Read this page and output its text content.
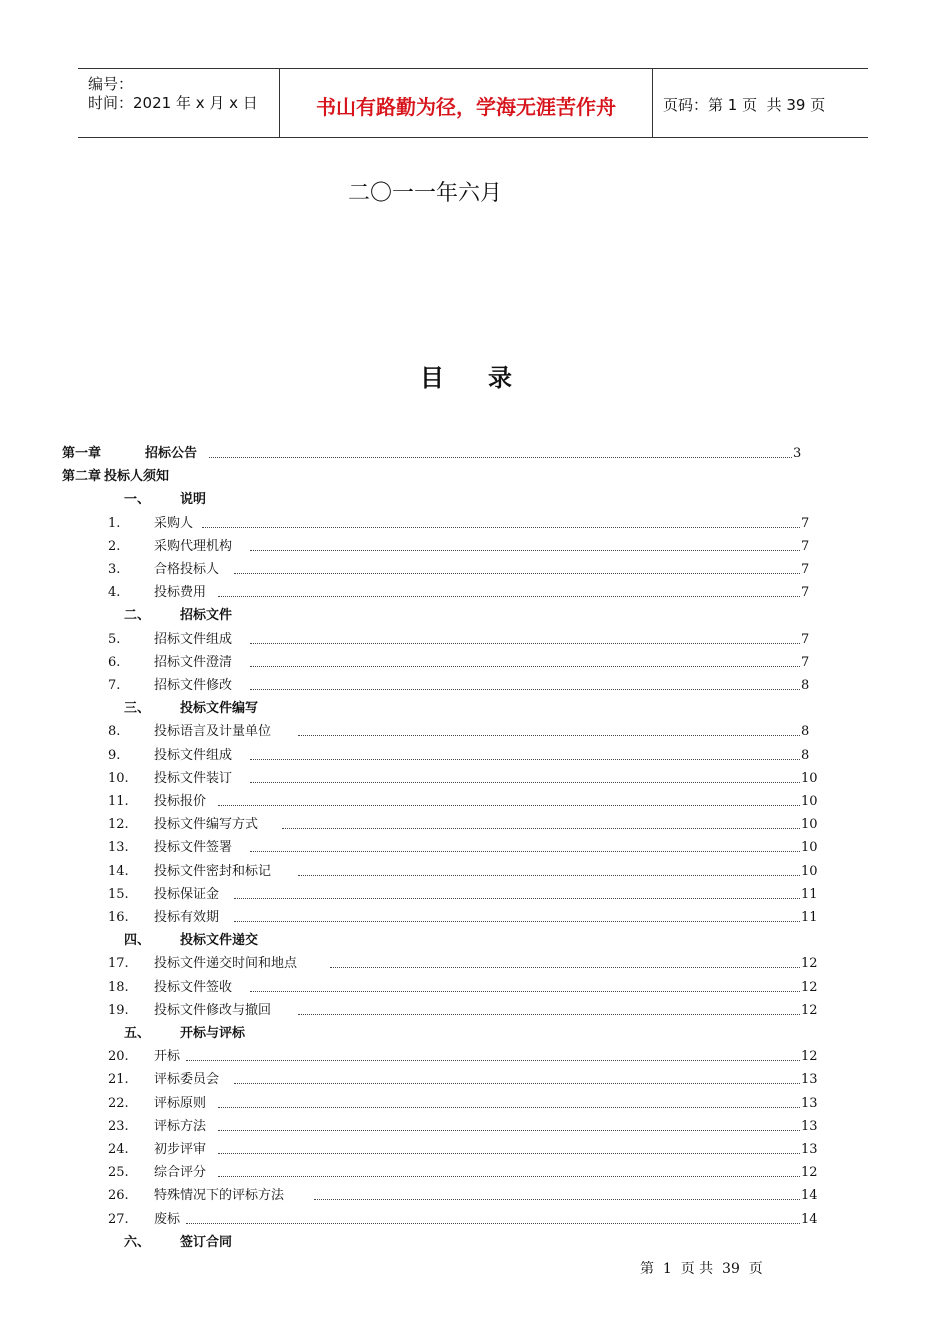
编号：
时间：2021 年 x 月 x 日	书山有路勤为径，学海无涯苦作舟	页码：第 1 页  共 39 页
二〇一一年六月
目录
第一章	招标公告	3
第二章 投标人须知
一、 说明
1.	采购人	7
2.	采购代理机构	7
3.	合格投标人	7
4.	投标费用	7
二、 招标文件
5.	招标文件组成	7
6.	招标文件澄清	7
7.	招标文件修改	8
三、 投标文件编写
8.	投标语言及计量单位	8
9.	投标文件组成	8
10. 投标文件装订	10
11. 投标报价	10
12. 投标文件编写方式	10
13. 投标文件签署	10
14. 投标文件密封和标记	10
15. 投标保证金	11
16. 投标有效期	11
四、 投标文件递交
17. 投标文件递交时间和地点	12
18. 投标文件签收	12
19. 投标文件修改与撤回	12
五、 开标与评标
20. 开标	12
21. 评标委员会	13
22. 评标原则	13
23. 评标方法	13
24. 初步评审	13
25. 综合评分	12
26. 特殊情况下的评标方法	14
27. 废标	14
六、 签订合同
第  1  页 共  39  页
